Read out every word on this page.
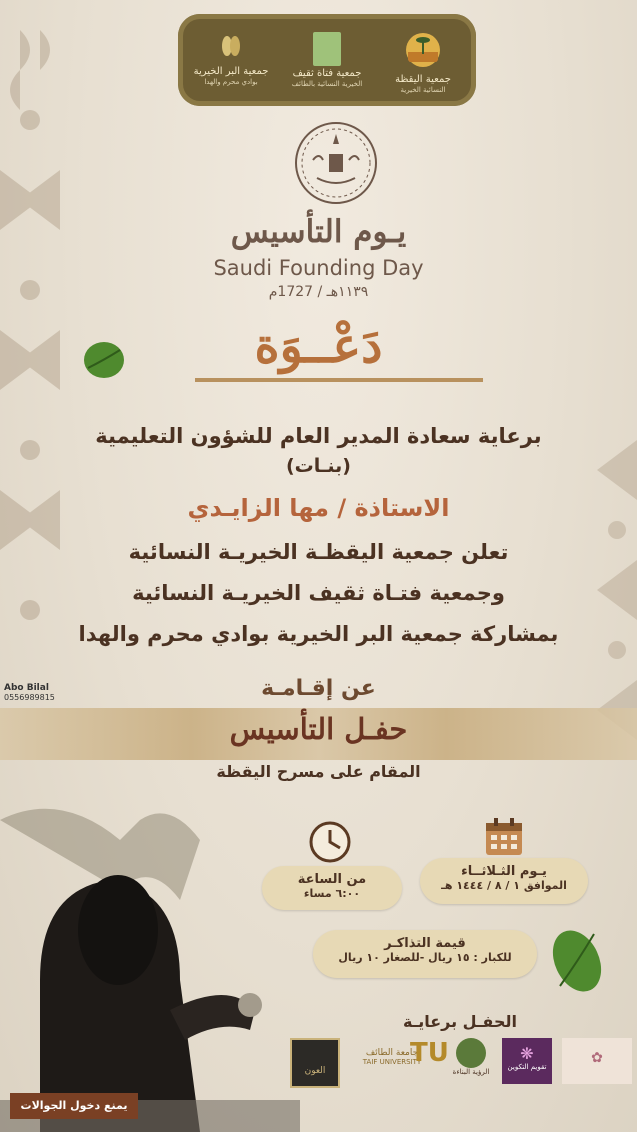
جمعية البر الخيرية
بوادي محرم والهدا
جمعية فتاة ثقيف
الخيرية النسائية بالطائف	جمعية اليقظة
النسائية الخيرية
يـوم التأسيس
Saudi Founding Day
١١٣٩هـ / 1727م
دَعْــوَة
برعاية سعادة المدير العام للشؤون التعليمية
(بنـات)
الاستاذة / مها الزايـدي
تعلن جمعية اليقظـة الخيريـة النسائية
وجمعية فتـاة ثقيف الخيريـة النسائية
بمشاركة جمعية البر الخيرية بوادي محرم والهدا
عن إقـامـة
Abo Bilal
0556989815
حفـل التأسيس
المقام على مسرح اليقظة
من الساعة
٦:٠٠ مساء
يـوم الثـلاثــاء
الموافق ١ / ٨ / ١٤٤٤ هـ
قيمة التذاكـر
للكبار : ١٥ ريال -للصغار ١٠ ريال
الحفـل برعايـة
العون
جامعة الطائف
TAIF UNIVERSITY
TU
الرؤية البناءة
❋
تقويم التكوين
✿
يمنع دخول الجوالات
